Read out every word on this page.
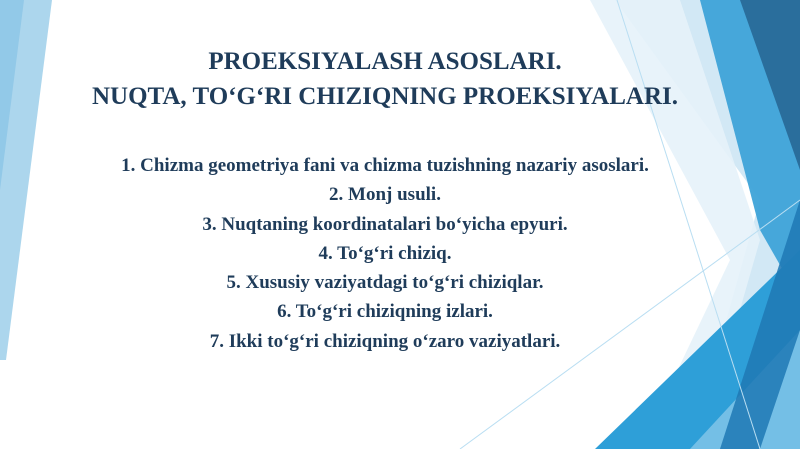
PROEKSIYALASH ASOSLARI.
NUQTA, TO‘G‘RI CHIZIQNING PROEKSIYALARI.
1. Chizma geometriya fani va chizma tuzishning nazariy asoslari.
2. Monj usuli.
3. Nuqtaning koordinatalari bo‘yicha epyuri.
4. To‘g‘ri chiziq.
5. Xususiy vaziyatdagi to‘g‘ri chiziqlar.
6. To‘g‘ri chiziqning izlari.
7. Ikki to‘g‘ri chiziqning o‘zaro vaziyatlari.
